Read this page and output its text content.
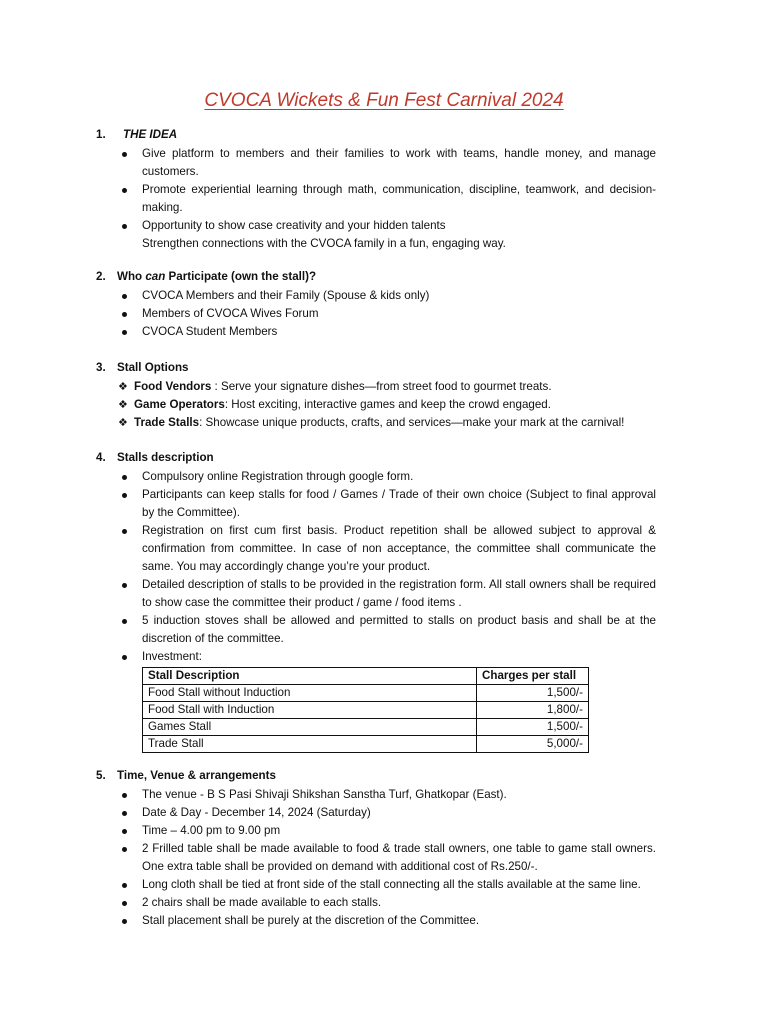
CVOCA Wickets & Fun Fest Carnival 2024
1.	THE IDEA
Give platform to members and their families to work with teams, handle money, and manage customers.
Promote experiential learning through math, communication, discipline, teamwork, and decision-making.
Opportunity to show case creativity and your hidden talents
Strengthen connections with the CVOCA family in a fun, engaging way.
2. Who can Participate (own the stall)?
CVOCA Members and their Family (Spouse & kids only)
Members of CVOCA Wives Forum
CVOCA Student Members
3. Stall Options
❖ Food Vendors : Serve your signature dishes—from street food to gourmet treats.
❖ Game Operators: Host exciting, interactive games and keep the crowd engaged.
❖ Trade Stalls: Showcase unique products, crafts, and services—make your mark at the carnival!
4. Stalls description
Compulsory online Registration through google form.
Participants can keep stalls for food / Games / Trade of their own choice (Subject to final approval by the Committee).
Registration on first cum first basis. Product repetition shall be allowed subject to approval & confirmation from committee. In case of non acceptance, the committee shall communicate the same. You may accordingly change you’re your product.
Detailed description of stalls to be provided in the registration form. All stall owners shall be required to show case the committee their product / game / food items .
5 induction stoves shall be allowed and permitted to stalls on product basis and shall be at the discretion of the committee.
Investment:
Stall Description	Charges per stall
Food Stall without Induction	1,500/-
Food Stall with Induction	1,800/-
Games Stall	1,500/-
Trade Stall	5,000/-
5. Time, Venue & arrangements
The venue - B S Pasi Shivaji Shikshan Sanstha Turf, Ghatkopar (East).
Date & Day - December 14, 2024 (Saturday)
Time – 4.00 pm to 9.00 pm
2 Frilled table shall be made available to food & trade stall owners, one table to game stall owners. One extra table shall be provided on demand with additional cost of Rs.250/-.
Long cloth shall be tied at front side of the stall connecting all the stalls available at the same line.
2 chairs shall be made available to each stalls.
Stall placement shall be purely at the discretion of the Committee.
